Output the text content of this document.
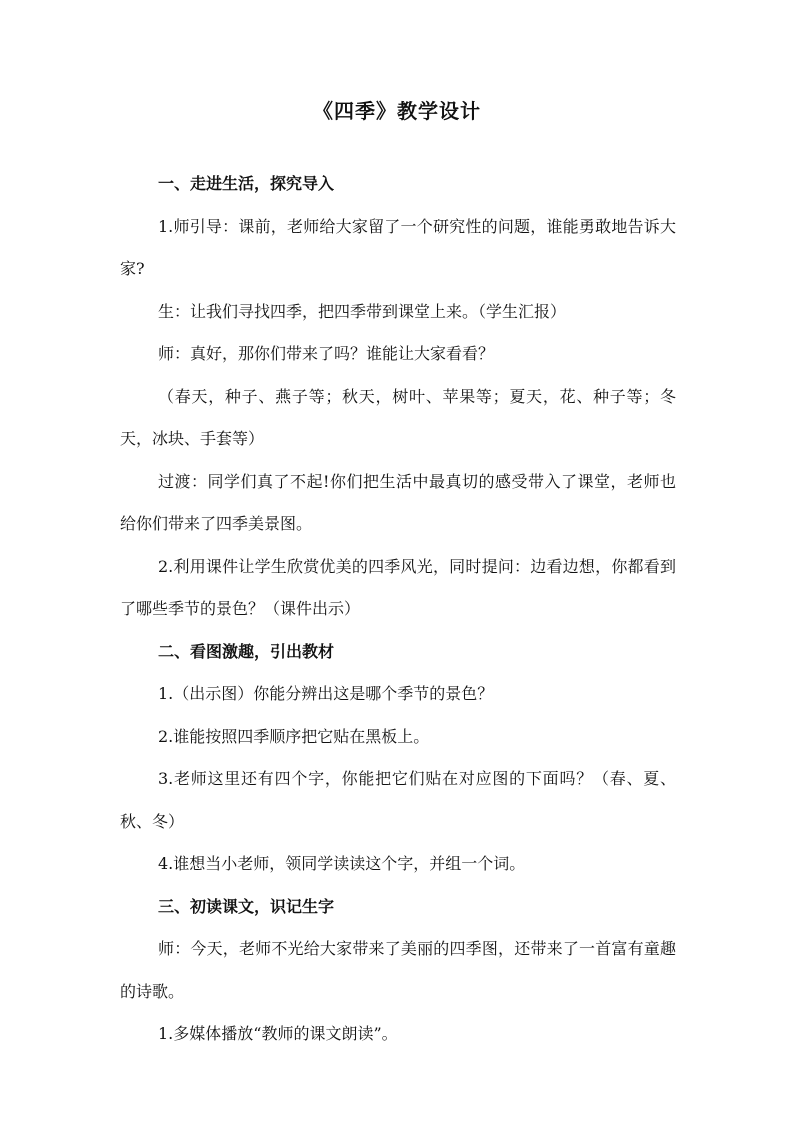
《四季》教学设计

一、走进生活，探究导入

1.师引导：课前，老师给大家留了一个研究性的问题，谁能勇敢地告诉大家?

生：让我们寻找四季，把四季带到课堂上来。（学生汇报）

师：真好，那你们带来了吗？谁能让大家看看？

（春天，种子、燕子等；秋天，树叶、苹果等；夏天，花、种子等；冬天，冰块、手套等）

过渡：同学们真了不起!你们把生活中最真切的感受带入了课堂，老师也给你们带来了四季美景图。

2.利用课件让学生欣赏优美的四季风光，同时提问：边看边想，你都看到了哪些季节的景色？（课件出示）

二、看图激趣，引出教材

1.（出示图）你能分辨出这是哪个季节的景色？

2.谁能按照四季顺序把它贴在黑板上。

3.老师这里还有四个字，你能把它们贴在对应图的下面吗？（春、夏、秋、冬）

4.谁想当小老师，领同学读读这个字，并组一个词。

三、初读课文，识记生字

师：今天，老师不光给大家带来了美丽的四季图，还带来了一首富有童趣的诗歌。

1.多媒体播放“教师的课文朗读”。
